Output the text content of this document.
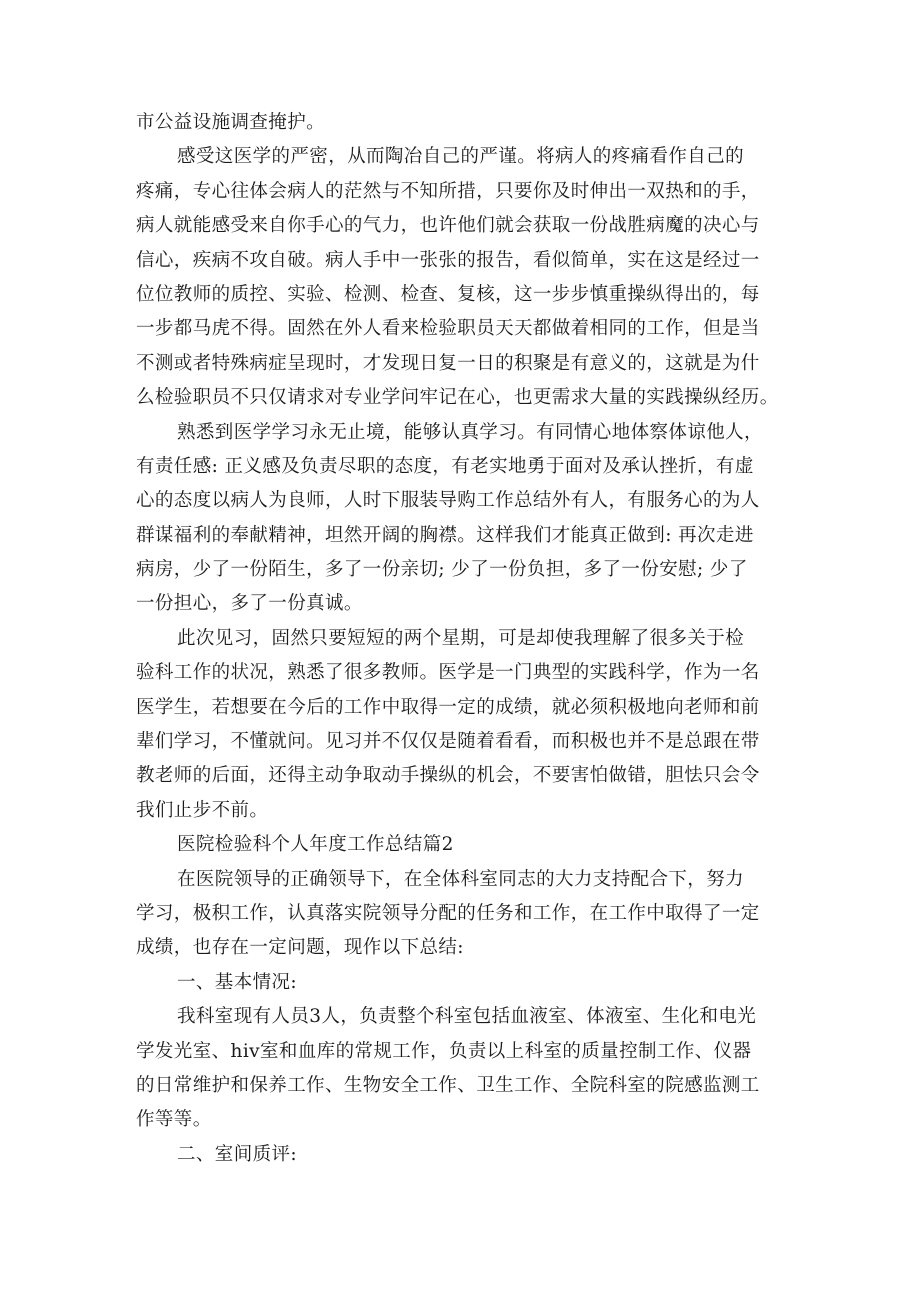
市公益设施调查掩护。
感受这医学的严密，从而陶冶自己的严谨。将病人的疼痛看作自己的
疼痛，专心往体会病人的茫然与不知所措，只要你及时伸出一双热和的手，
病人就能感受来自你手心的气力，也许他们就会获取一份战胜病魔的决心与
信心，疾病不攻自破。病人手中一张张的报告，看似简单，实在这是经过一
位位教师的质控、实验、检测、检查、复核，这一步步慎重操纵得出的，每
一步都马虎不得。固然在外人看来检验职员天天都做着相同的工作，但是当
不测或者特殊病症呈现时，才发现日复一日的积聚是有意义的，这就是为什
么检验职员不只仅请求对专业学问牢记在心，也更需求大量的实践操纵经历。
熟悉到医学学习永无止境，能够认真学习。有同情心地体察体谅他人，
有责任感: 正义感及负责尽职的态度，有老实地勇于面对及承认挫折，有虚
心的态度以病人为良师，人时下服装导购工作总结外有人，有服务心的为人
群谋福利的奉献精神，坦然开阔的胸襟。这样我们才能真正做到: 再次走进
病房，少了一份陌生，多了一份亲切; 少了一份负担，多了一份安慰; 少了
一份担心，多了一份真诚。
此次见习，固然只要短短的两个星期，可是却使我理解了很多关于检
验科工作的状况，熟悉了很多教师。医学是一门典型的实践科学，作为一名
医学生，若想要在今后的工作中取得一定的成绩，就必须积极地向老师和前
辈们学习，不懂就问。见习并不仅仅是随着看看，而积极也并不是总跟在带
教老师的后面，还得主动争取动手操纵的机会，不要害怕做错，胆怯只会令
我们止步不前。
医院检验科个人年度工作总结篇2
在医院领导的正确领导下，在全体科室同志的大力支持配合下，努力
学习，极积工作，认真落实院领导分配的任务和工作，在工作中取得了一定
成绩，也存在一定问题，现作以下总结:
一、基本情况:
我科室现有人员3人，负责整个科室包括血液室、体液室、生化和电光
学发光室、hiv室和血库的常规工作，负责以上科室的质量控制工作、仪器
的日常维护和保养工作、生物安全工作、卫生工作、全院科室的院感监测工
作等等。
二、室间质评:
